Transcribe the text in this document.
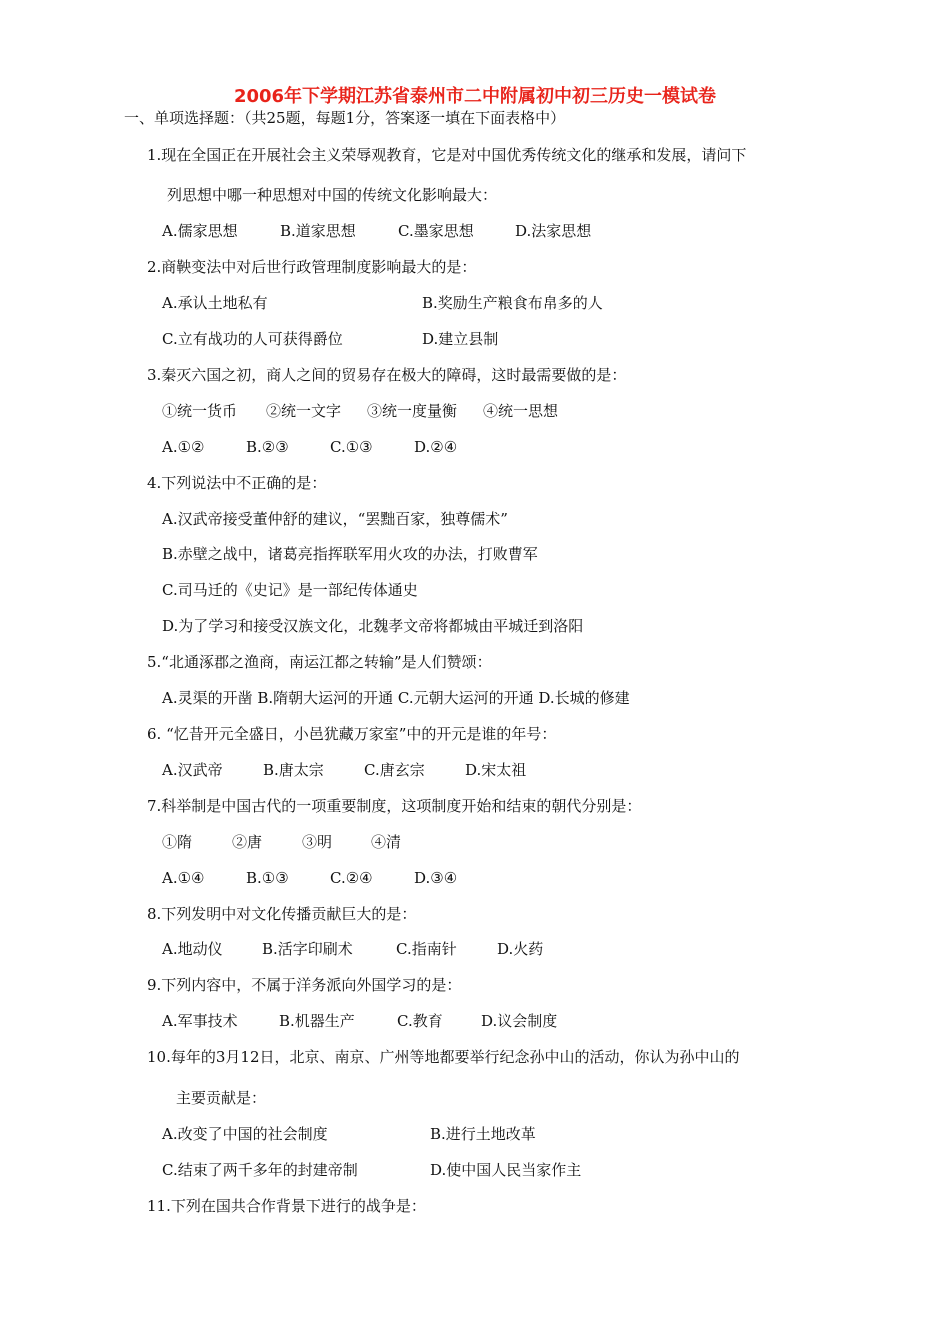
2006年下学期江苏省泰州市二中附属初中初三历史一模试卷
一、单项选择题：（共25题，每题1分，答案逐一填在下面表格中）
1.现在全国正在开展社会主义荣辱观教育，它是对中国优秀传统文化的继承和发展，请问下
列思想中哪一种思想对中国的传统文化影响最大：
A.儒家思想	B.道家思想	C.墨家思想	D.法家思想
2.商鞅变法中对后世行政管理制度影响最大的是：
A.承认土地私有	B.奖励生产粮食布帛多的人
C.立有战功的人可获得爵位	D.建立县制
3.秦灭六国之初，商人之间的贸易存在极大的障碍，这时最需要做的是：
①统一货币 ②统一文字 ③统一度量衡 ④统一思想
A.①②	B.②③	C.①③	D.②④
4.下列说法中不正确的是：
A.汉武帝接受董仲舒的建议，“罢黜百家，独尊儒术”
B.赤壁之战中，诸葛亮指挥联军用火攻的办法，打败曹军
C.司马迁的《史记》是一部纪传体通史
D.为了学习和接受汉族文化，北魏孝文帝将都城由平城迁到洛阳
5.“北通涿郡之渔商，南运江都之转输”是人们赞颂：
A.灵渠的开凿 B.隋朝大运河的开通 C.元朝大运河的开通 D.长城的修建
6. “忆昔开元全盛日，小邑犹藏万家室”中的开元是谁的年号：
A.汉武帝	B.唐太宗	C.唐玄宗	D.宋太祖
7.科举制是中国古代的一项重要制度，这项制度开始和结束的朝代分别是：
①隋	②唐	③明	④清
A.①④	B.①③	C.②④	D.③④
8.下列发明中对文化传播贡献巨大的是：
A.地动仪	B.活字印刷术	C.指南针	D.火药
9.下列内容中，不属于洋务派向外国学习的是：
A.军事技术	B.机器生产	C.教育	D.议会制度
10.每年的3月12日，北京、南京、广州等地都要举行纪念孙中山的活动，你认为孙中山的
主要贡献是：
A.改变了中国的社会制度	B.进行土地改革
C.结束了两千多年的封建帝制	D.使中国人民当家作主
11.下列在国共合作背景下进行的战争是：
